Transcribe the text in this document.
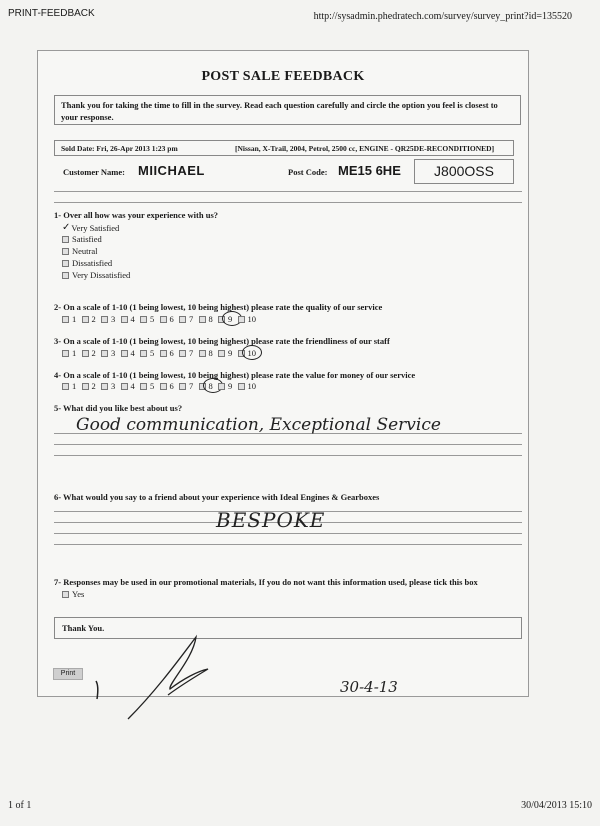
PRINT-FEEDBACK	http://sysadmin.phedratech.com/survey/survey_print?id=135520
POST SALE FEEDBACK
Thank you for taking the time to fill in the survey. Read each question carefully and circle the option you feel is closest to your response.
Sold Date: Fri, 26-Apr 2013 1:23 pm	[Nissan, X-Trail, 2004, Petrol, 2500 cc, ENGINE - QR25DE-RECONDITIONED]
Customer Name: MIICHAEL	Post Code: ME15 6HE	J800OSS
1- Over all how was your experience with us?
✓ Very Satisfied
Satisfied
Neutral
Dissatisfied
Very Dissatisfied
2- On a scale of 1-10 (1 being lowest, 10 being highest) please rate the quality of our service
1 2 3 4 5 6 7 8 9 10
3- On a scale of 1-10 (1 being lowest, 10 being highest) please rate the friendliness of our staff
1 2 3 4 5 6 7 8 9 10
4- On a scale of 1-10 (1 being lowest, 10 being highest) please rate the value for money of our service
1 2 3 4 5 6 7 8 9 10
5- What did you like best about us?
Good communication, Exceptional Service
6- What would you say to a friend about your experience with Ideal Engines & Gearboxes
BESPOKE
7- Responses may be used in our promotional materials, If you do not want this information used, please tick this box
Yes
Thank You.
Print
30-4-13
1 of 1	30/04/2013 15:10
